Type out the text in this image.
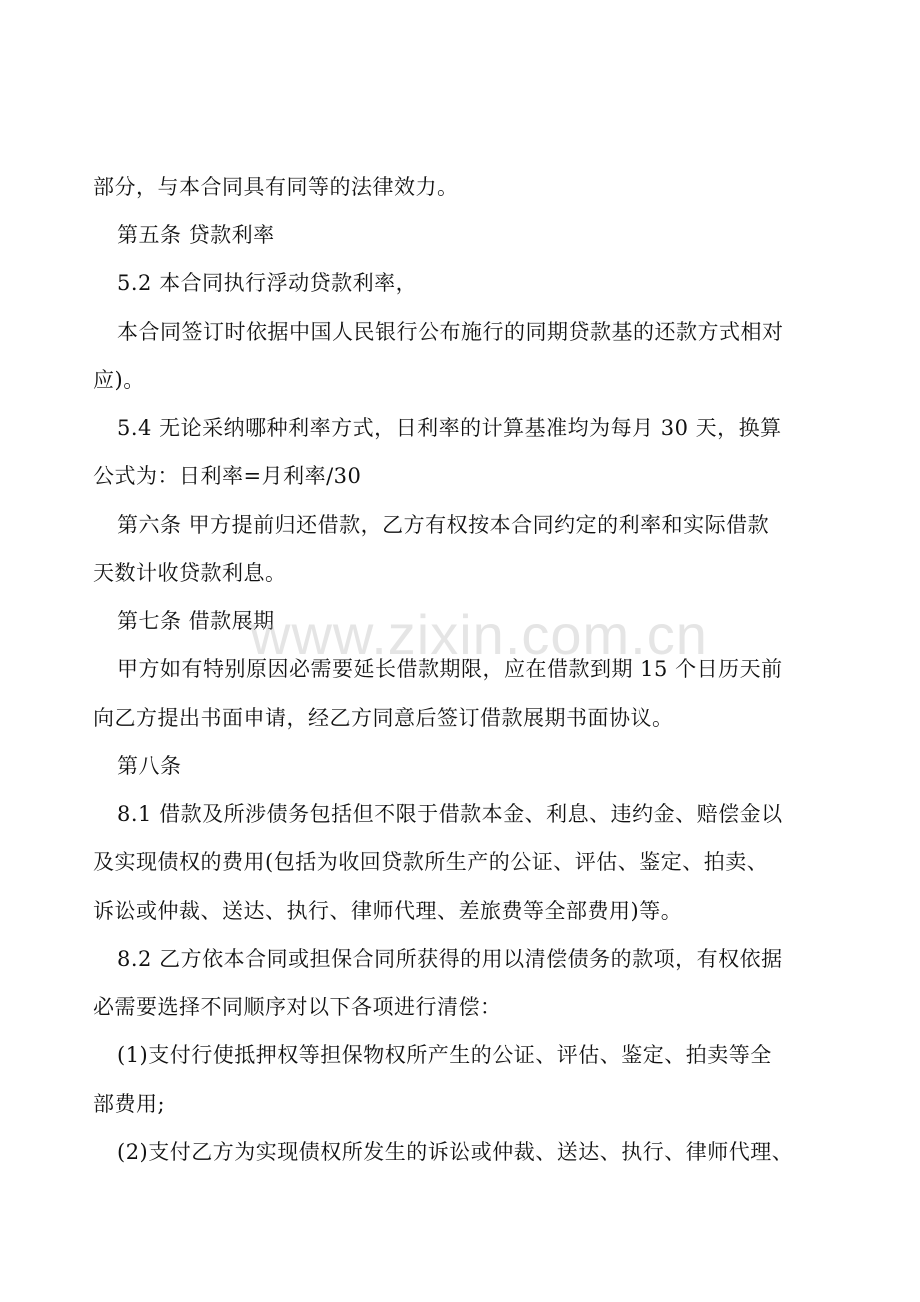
部分，与本合同具有同等的法律效力。
第五条 贷款利率
5.2 本合同执行浮动贷款利率，
本合同签订时依据中国人民银行公布施行的同期贷款基的还款方式相对
应)。
5.4 无论采纳哪种利率方式，日利率的计算基准均为每月 30 天，换算
公式为：日利率=月利率/30
第六条 甲方提前归还借款，乙方有权按本合同约定的利率和实际借款
天数计收贷款利息。
第七条 借款展期
甲方如有特别原因必需要延长借款期限，应在借款到期 15 个日历天前
向乙方提出书面申请，经乙方同意后签订借款展期书面协议。
第八条
8.1 借款及所涉债务包括但不限于借款本金、利息、违约金、赔偿金以
及实现债权的费用(包括为收回贷款所生产的公证、评估、鉴定、拍卖、
诉讼或仲裁、送达、执行、律师代理、差旅费等全部费用)等。
8.2 乙方依本合同或担保合同所获得的用以清偿债务的款项，有权依据
必需要选择不同顺序对以下各项进行清偿：
(1)支付行使抵押权等担保物权所产生的公证、评估、鉴定、拍卖等全
部费用;
(2)支付乙方为实现债权所发生的诉讼或仲裁、送达、执行、律师代理、
www.zixin.com.cn
